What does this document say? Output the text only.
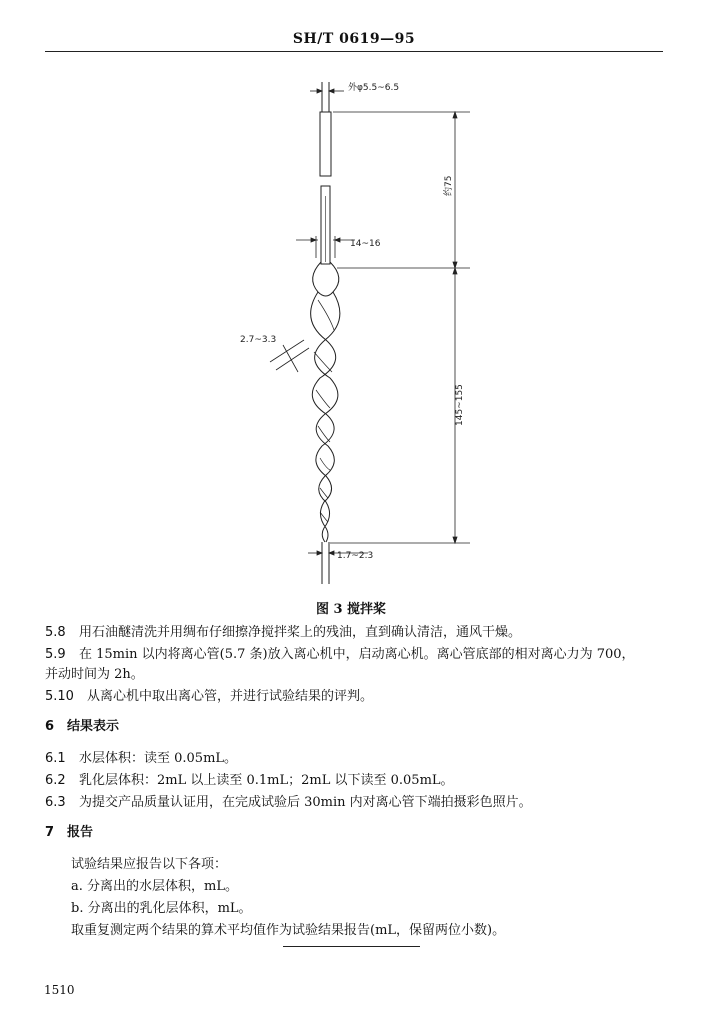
SH/T 0619—95
外φ5.5~6.5
约75
14~16
2.7~3.3
145~155
1.7~2.3
图 3 搅拌桨
5.8 用石油醚清洗并用绸布仔细擦净搅拌桨上的残油，直到确认清洁，通风干燥。
5.9 在 15min 以内将离心管(5.7 条)放入离心机中，启动离心机。离心管底部的相对离心力为 700，
并动时间为 2h。
5.10 从离心机中取出离心管，并进行试验结果的评判。
6 结果表示
6.1 水层体积：读至 0.05mL。
6.2 乳化层体积：2mL 以上读至 0.1mL；2mL 以下读至 0.05mL。
6.3 为提交产品质量认证用，在完成试验后 30min 内对离心管下端拍摄彩色照片。
7 报告
试验结果应报告以下各项：
a. 分离出的水层体积，mL。
b. 分离出的乳化层体积，mL。
取重复测定两个结果的算术平均值作为试验结果报告(mL，保留两位小数)。
1510
